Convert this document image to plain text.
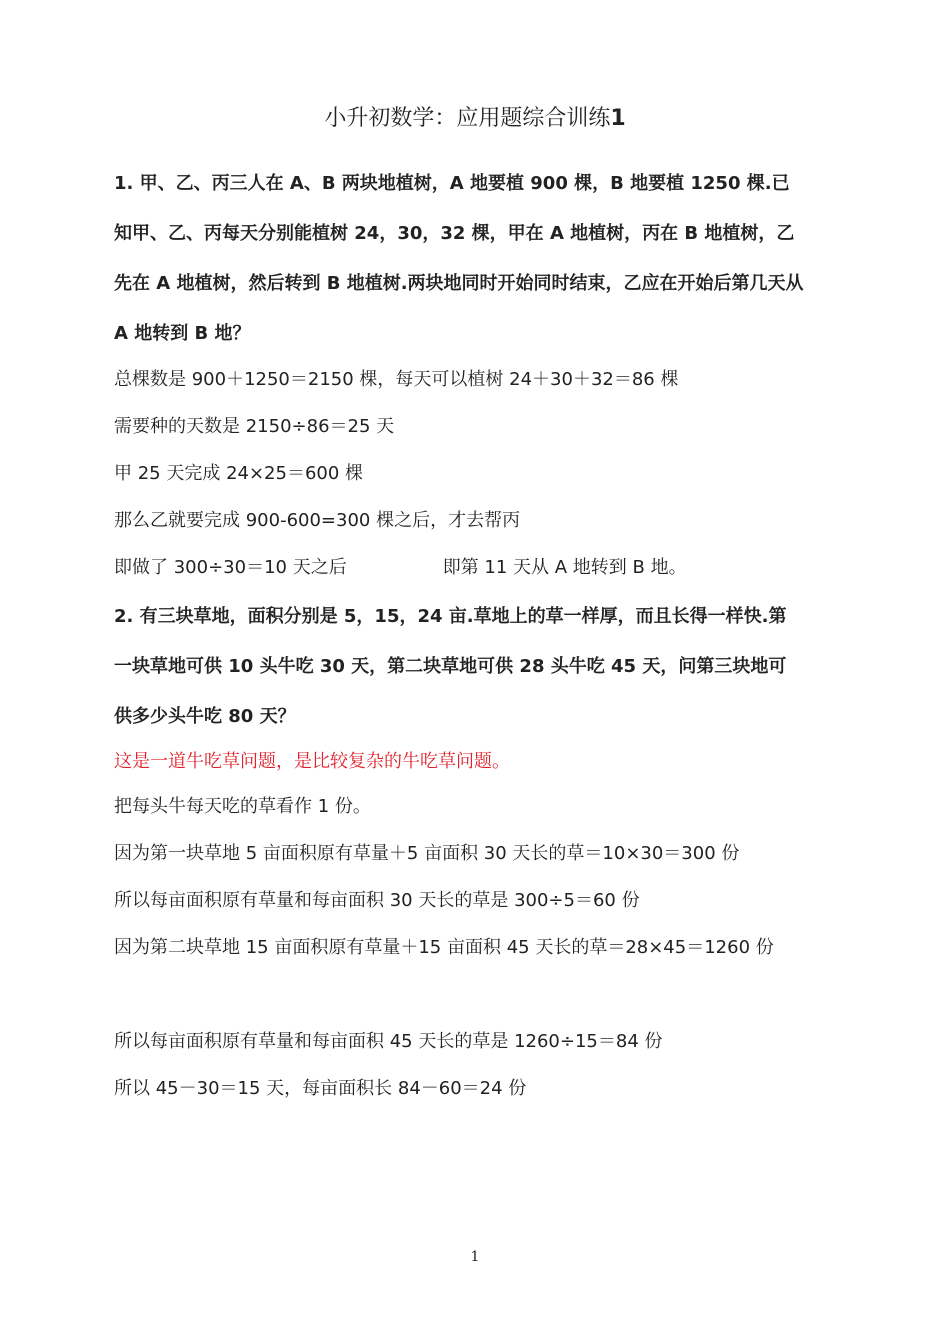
小升初数学：应用题综合训练1

1. 甲、乙、丙三人在 A、B 两块地植树，A 地要植 900 棵，B 地要植 1250 棵.已知甲、乙、丙每天分别能植树 24，30，32 棵，甲在 A 地植树，丙在 B 地植树，乙先在 A 地植树，然后转到 B 地植树.两块地同时开始同时结束，乙应在开始后第几天从 A 地转到 B 地？

总棵数是 900＋1250＝2150 棵，每天可以植树 24＋30＋32＝86 棵

需要种的天数是 2150÷86＝25 天

甲 25 天完成 24×25＝600 棵

那么乙就要完成 900-600=300 棵之后，才去帮丙

即做了 300÷30＝10 天之后	即第 11 天从 A 地转到 B 地。

2. 有三块草地，面积分别是 5，15，24 亩.草地上的草一样厚，而且长得一样快.第一块草地可供 10 头牛吃 30 天，第二块草地可供 28 头牛吃 45 天，问第三块地可供多少头牛吃 80 天？

这是一道牛吃草问题，是比较复杂的牛吃草问题。

把每头牛每天吃的草看作 1 份。

因为第一块草地 5 亩面积原有草量＋5 亩面积 30 天长的草＝10×30＝300 份

所以每亩面积原有草量和每亩面积 30 天长的草是 300÷5＝60 份

因为第二块草地 15 亩面积原有草量＋15 亩面积 45 天长的草＝28×45＝1260 份

所以每亩面积原有草量和每亩面积 45 天长的草是 1260÷15＝84 份

所以 45－30＝15 天，每亩面积长 84－60＝24 份

1
